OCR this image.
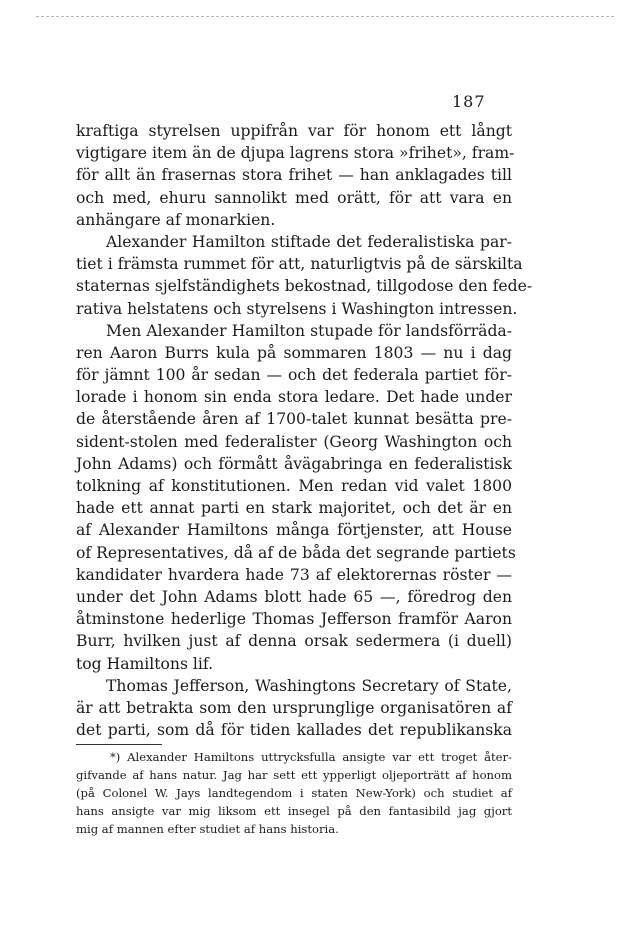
187
kraftiga styrelsen uppifrån var för honom ett långt
vigtigare item än de djupa lagrens stora »frihet», fram-
för allt än frasernas stora frihet — han anklagades till
och med, ehuru sannolikt med orätt, för att vara en
anhängare af monarkien.
Alexander Hamilton stiftade det federalistiska par-
tiet i främsta rummet för att, naturligtvis på de särskilta
staternas sjelfständighets bekostnad, tillgodose den fede-
rativa helstatens och styrelsens i Washington intressen.
Men Alexander Hamilton stupade för landsförräda-
ren Aaron Burrs kula på sommaren 1803 — nu i dag
för jämnt 100 år sedan — och det federala partiet för-
lorade i honom sin enda stora ledare. Det hade under
de återstående åren af 1700-talet kunnat besätta pre-
sident-stolen med federalister (Georg Washington och
John Adams) och förmått åvägabringa en federalistisk
tolkning af konstitutionen. Men redan vid valet 1800
hade ett annat parti en stark majoritet, och det är en
af Alexander Hamiltons många förtjenster, att House
of Representatives, då af de båda det segrande partiets
kandidater hvardera hade 73 af elektorernas röster —
under det John Adams blott hade 65 —, föredrog den
åtminstone hederlige Thomas Jefferson framför Aaron
Burr, hvilken just af denna orsak sedermera (i duell)
tog Hamiltons lif.
Thomas Jefferson, Washingtons Secretary of State,
är att betrakta som den ursprunglige organisatören af
det parti, som då för tiden kallades det republikanska
*) Alexander Hamiltons uttrycksfulla ansigte var ett troget åter-
gifvande af hans natur. Jag har sett ett ypperligt oljeporträtt af honom
(på Colonel W. Jays landtegendom i staten New-York) och studiet af
hans ansigte var mig liksom ett insegel på den fantasibild jag gjort
mig af mannen efter studiet af hans historia.
